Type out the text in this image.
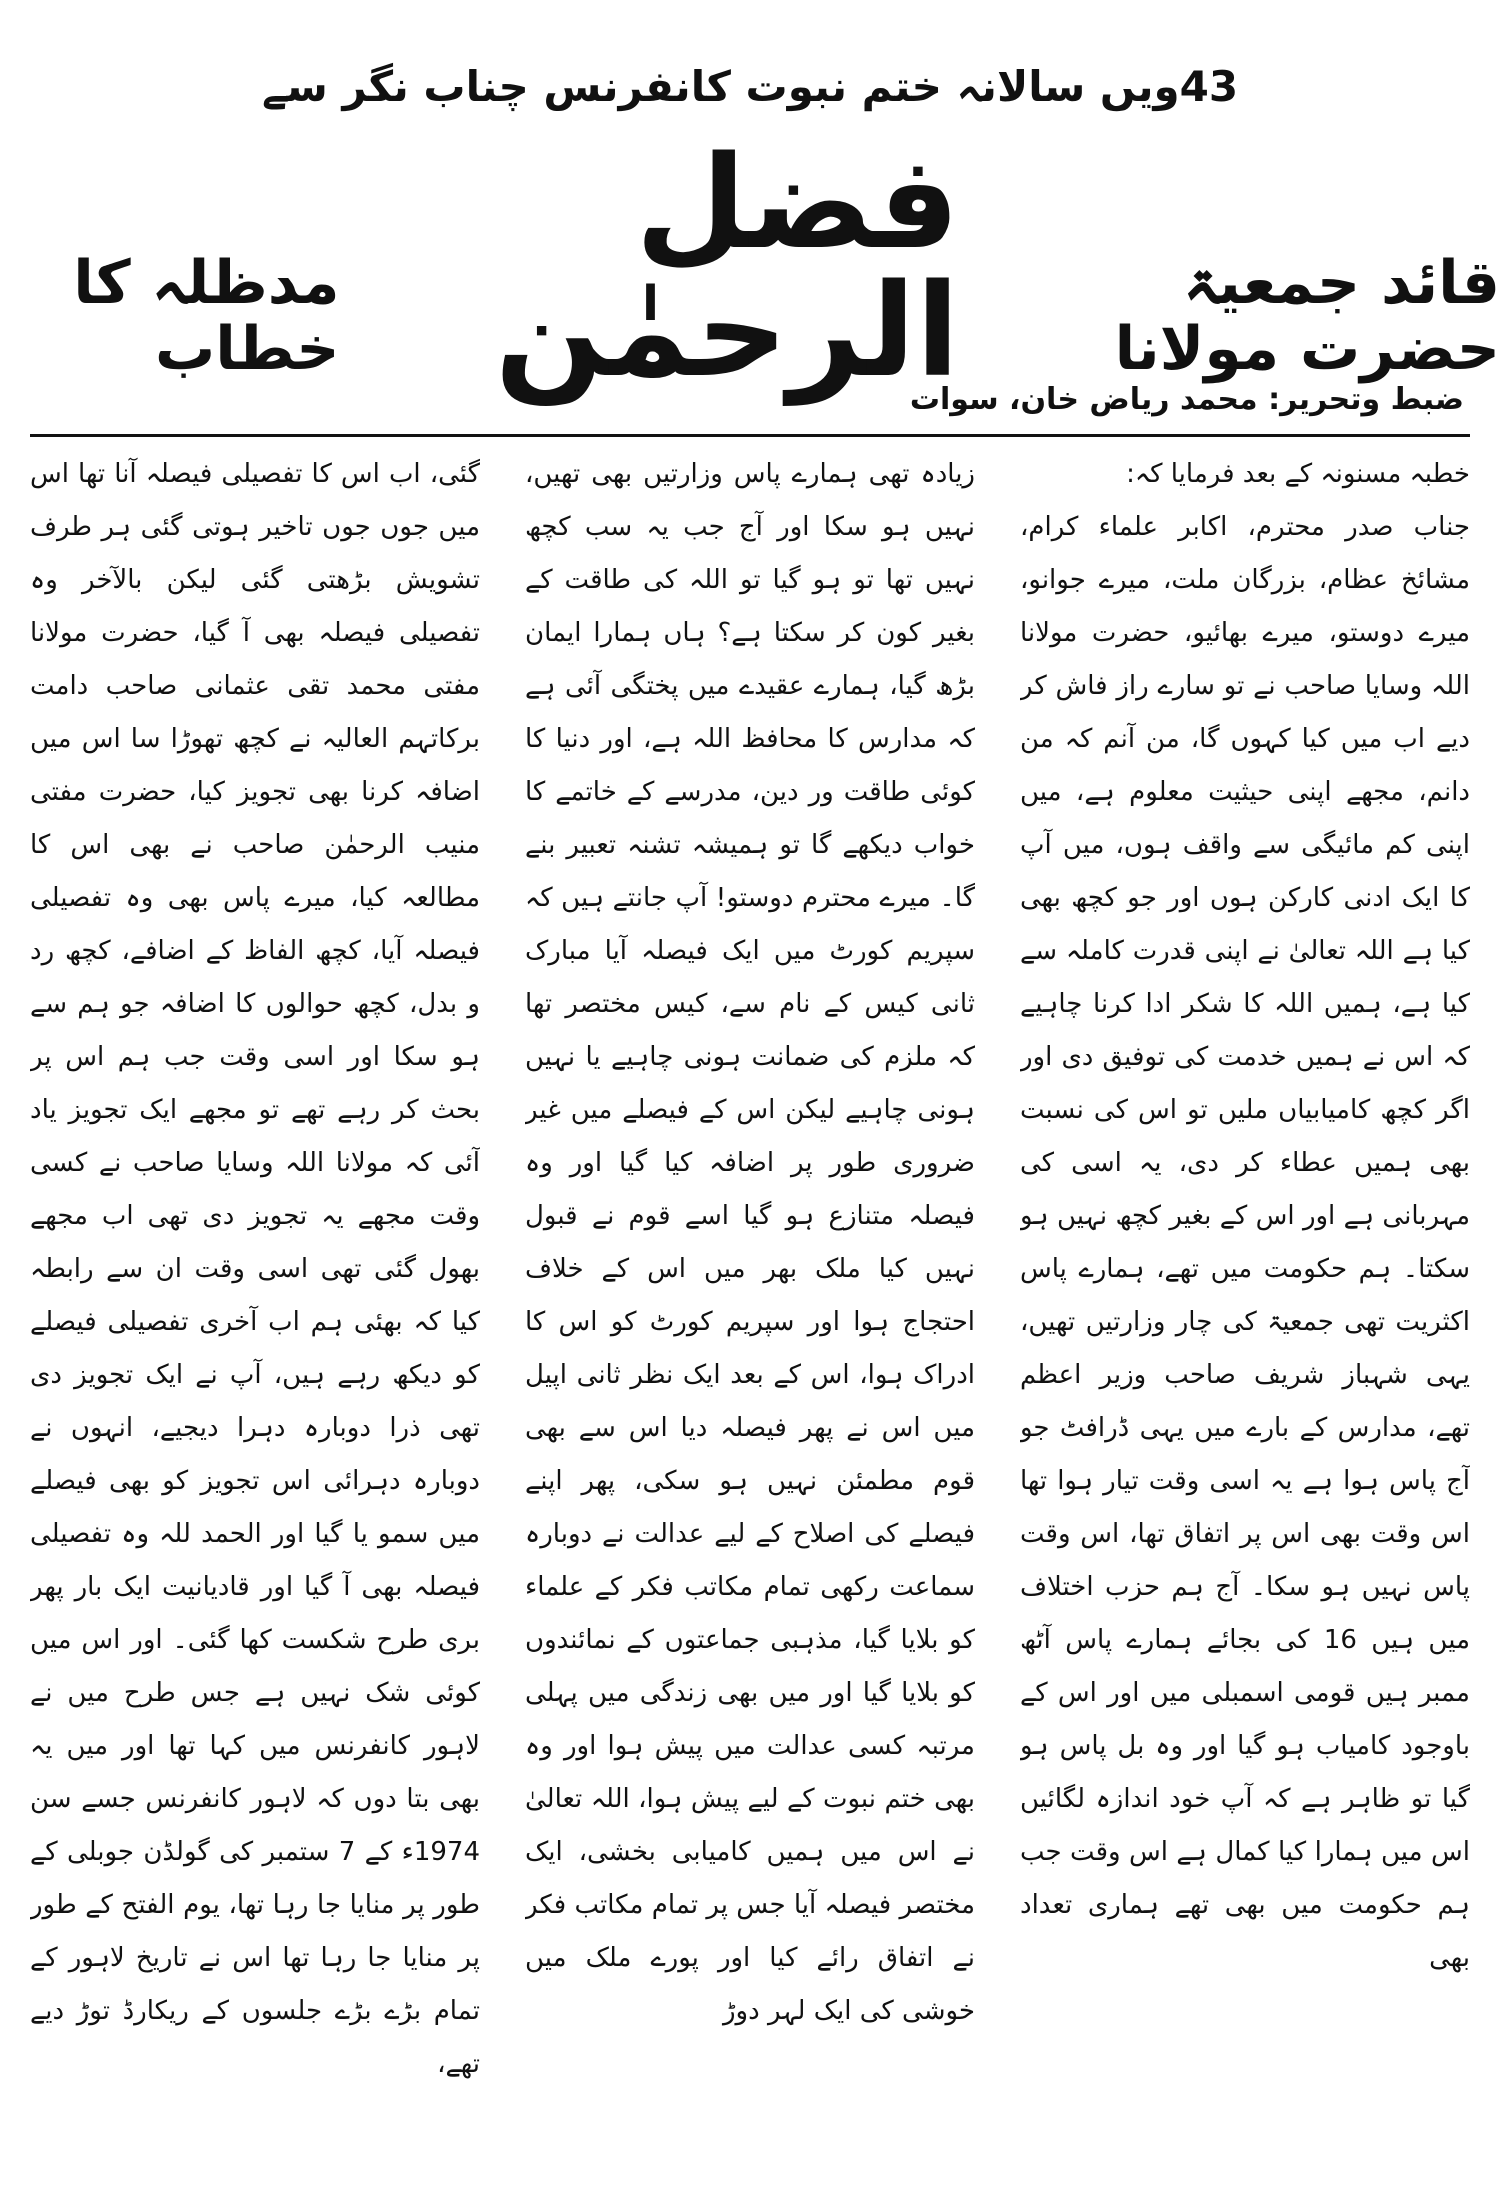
43ویں سالانہ ختم نبوت کانفرنس چناب نگر سے
قائد جمعیۃ حضرت مولانا
فضل الرحمٰن
مدظلہ کا خطاب
ضبط وتحریر: محمد ریاض خان، سوات

خطبہ مسنونہ کے بعد فرمایا کہ:

جناب صدر محترم، اکابر علماء کرام، مشائخ عظام، بزرگان ملت، میرے جوانو، میرے دوستو، میرے بھائیو، حضرت مولانا اللہ وسایا صاحب نے تو سارے راز فاش کر دیے اب میں کیا کہوں گا، من آنم کہ من دانم، مجھے اپنی حیثیت معلوم ہے، میں اپنی کم مائیگی سے واقف ہوں، میں آپ کا ایک ادنی کارکن ہوں اور جو کچھ بھی کیا ہے اللہ تعالیٰ نے اپنی قدرت کاملہ سے کیا ہے، ہمیں اللہ کا شکر ادا کرنا چاہیے کہ اس نے ہمیں خدمت کی توفیق دی اور اگر کچھ کامیابیاں ملیں تو اس کی نسبت بھی ہمیں عطاء کر دی، یہ اسی کی مہربانی ہے اور اس کے بغیر کچھ نہیں ہو سکتا۔ ہم حکومت میں تھے، ہمارے پاس اکثریت تھی جمعیۃ کی چار وزارتیں تھیں، یہی شہباز شریف صاحب وزیر اعظم تھے، مدارس کے بارے میں یہی ڈرافٹ جو آج پاس ہوا ہے یہ اسی وقت تیار ہوا تھا اس وقت بھی اس پر اتفاق تھا، اس وقت پاس نہیں ہو سکا۔ آج ہم حزب اختلاف میں ہیں 16 کی بجائے ہمارے پاس آٹھ ممبر ہیں قومی اسمبلی میں اور اس کے باوجود کامیاب ہو گیا اور وہ بل پاس ہو گیا تو ظاہر ہے کہ آپ خود اندازہ لگائیں اس میں ہمارا کیا کمال ہے اس وقت جب ہم حکومت میں بھی تھے ہماری تعداد بھی

زیادہ تھی ہمارے پاس وزارتیں بھی تھیں، نہیں ہو سکا اور آج جب یہ سب کچھ نہیں تھا تو ہو گیا تو اللہ کی طاقت کے بغیر کون کر سکتا ہے؟ ہاں ہمارا ایمان بڑھ گیا، ہمارے عقیدے میں پختگی آئی ہے کہ مدارس کا محافظ اللہ ہے، اور دنیا کا کوئی طاقت ور دین، مدرسے کے خاتمے کا خواب دیکھے گا تو ہمیشہ تشنہ تعبیر بنے گا۔ میرے محترم دوستو! آپ جانتے ہیں کہ سپریم کورٹ میں ایک فیصلہ آیا مبارک ثانی کیس کے نام سے، کیس مختصر تھا کہ ملزم کی ضمانت ہونی چاہیے یا نہیں ہونی چاہیے لیکن اس کے فیصلے میں غیر ضروری طور پر اضافہ کیا گیا اور وہ فیصلہ متنازع ہو گیا اسے قوم نے قبول نہیں کیا ملک بھر میں اس کے خلاف احتجاج ہوا اور سپریم کورٹ کو اس کا ادراک ہوا، اس کے بعد ایک نظر ثانی اپیل میں اس نے پھر فیصلہ دیا اس سے بھی قوم مطمئن نہیں ہو سکی، پھر اپنے فیصلے کی اصلاح کے لیے عدالت نے دوبارہ سماعت رکھی تمام مکاتب فکر کے علماء کو بلایا گیا، مذہبی جماعتوں کے نمائندوں کو بلایا گیا اور میں بھی زندگی میں پہلی مرتبہ کسی عدالت میں پیش ہوا اور وہ بھی ختم نبوت کے لیے پیش ہوا، اللہ تعالیٰ نے اس میں ہمیں کامیابی بخشی، ایک مختصر فیصلہ آیا جس پر تمام مکاتب فکر نے اتفاق رائے کیا اور پورے ملک میں خوشی کی ایک لہر دوڑ

گئی، اب اس کا تفصیلی فیصلہ آنا تھا اس میں جوں جوں تاخیر ہوتی گئی ہر طرف تشویش بڑھتی گئی لیکن بالآخر وہ تفصیلی فیصلہ بھی آ گیا، حضرت مولانا مفتی محمد تقی عثمانی صاحب دامت برکاتہم العالیہ نے کچھ تھوڑا سا اس میں اضافہ کرنا بھی تجویز کیا، حضرت مفتی منیب الرحمٰن صاحب نے بھی اس کا مطالعہ کیا، میرے پاس بھی وہ تفصیلی فیصلہ آیا، کچھ الفاظ کے اضافے، کچھ رد و بدل، کچھ حوالوں کا اضافہ جو ہم سے ہو سکا اور اسی وقت جب ہم اس پر بحث کر رہے تھے تو مجھے ایک تجویز یاد آئی کہ مولانا اللہ وسایا صاحب نے کسی وقت مجھے یہ تجویز دی تھی اب مجھے بھول گئی تھی اسی وقت ان سے رابطہ کیا کہ بھئی ہم اب آخری تفصیلی فیصلے کو دیکھ رہے ہیں، آپ نے ایک تجویز دی تھی ذرا دوبارہ دہرا دیجیے، انہوں نے دوبارہ دہرائی اس تجویز کو بھی فیصلے میں سمو یا گیا اور الحمد للہ وہ تفصیلی فیصلہ بھی آ گیا اور قادیانیت ایک بار پھر بری طرح شکست کھا گئی۔ اور اس میں کوئی شک نہیں ہے جس طرح میں نے لاہور کانفرنس میں کہا تھا اور میں یہ بھی بتا دوں کہ لاہور کانفرنس جسے سن 1974ء کے 7 ستمبر کی گولڈن جوبلی کے طور پر منایا جا رہا تھا، یوم الفتح کے طور پر منایا جا رہا تھا اس نے تاریخ لاہور کے تمام بڑے بڑے جلسوں کے ریکارڈ توڑ دیے تھے،
